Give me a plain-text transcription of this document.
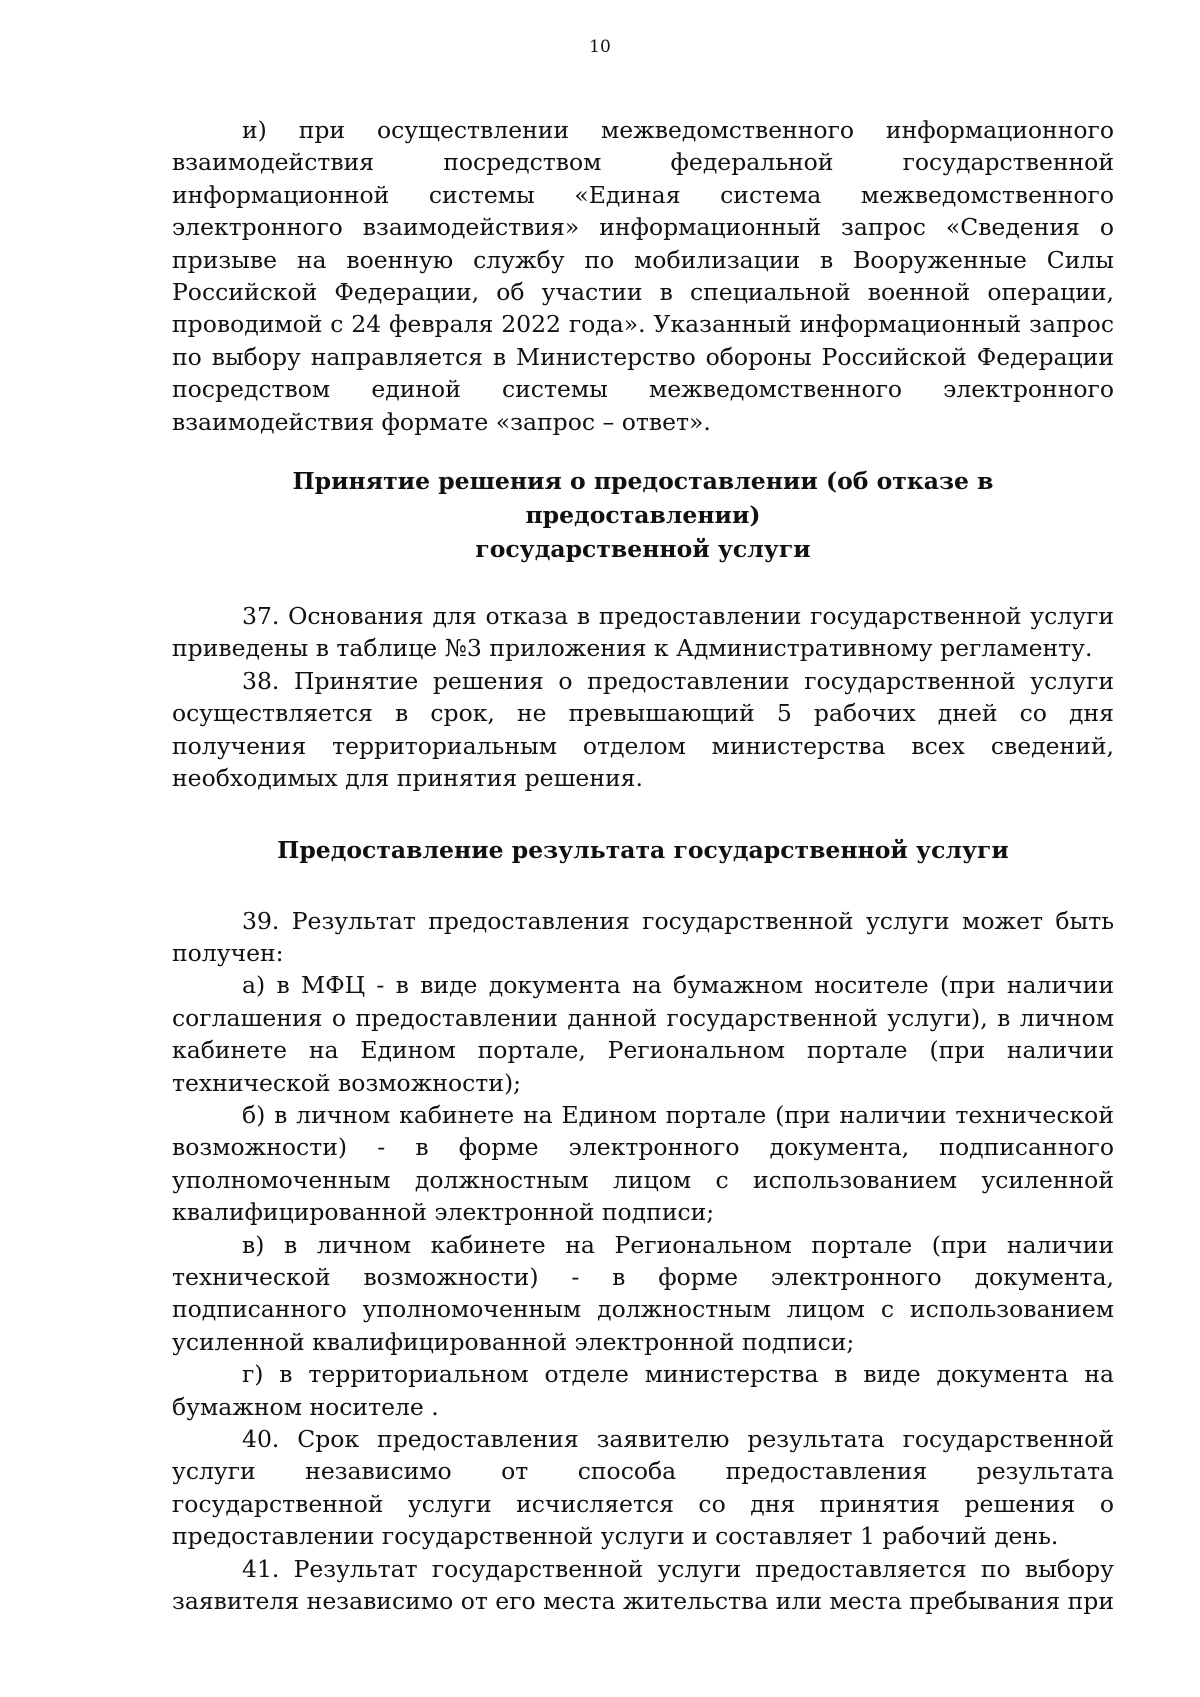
10

и) при осуществлении межведомственного информационного взаимодействия посредством федеральной государственной информационной системы «Единая система межведомственного электронного взаимодействия» информационный запрос «Сведения о призыве на военную службу по мобилизации в Вооруженные Силы Российской Федерации, об участии в специальной военной операции, проводимой с 24 февраля 2022 года». Указанный информационный запрос по выбору направляется в Министерство обороны Российской Федерации посредством единой системы межведомственного электронного взаимодействия формате «запрос – ответ».

Принятие решения о предоставлении (об отказе в предоставлении)
государственной услуги

37. Основания для отказа в предоставлении государственной услуги приведены в таблице №3 приложения к Административному регламенту.

38. Принятие решения о предоставлении государственной услуги осуществляется в срок, не превышающий 5 рабочих дней со дня получения территориальным отделом министерства всех сведений, необходимых для принятия решения.

Предоставление результата государственной услуги

39. Результат предоставления государственной услуги может быть получен:

а) в МФЦ - в виде документа на бумажном носителе (при наличии соглашения о предоставлении данной государственной услуги), в личном кабинете на Едином портале, Региональном портале (при наличии технической возможности);

б) в личном кабинете на Едином портале (при наличии технической возможности) - в форме электронного документа, подписанного уполномоченным должностным лицом с использованием усиленной квалифицированной электронной подписи;

в) в личном кабинете на Региональном портале (при наличии технической возможности) - в форме электронного документа, подписанного уполномоченным должностным лицом с использованием усиленной квалифицированной электронной подписи;

г) в территориальном отделе министерства в виде документа на бумажном носителе .

40. Срок предоставления заявителю результата государственной услуги независимо от способа предоставления результата государственной услуги исчисляется со дня принятия решения о предоставлении государственной услуги и составляет 1 рабочий день.

41. Результат государственной услуги предоставляется по выбору заявителя независимо от его места жительства или места пребывания при
